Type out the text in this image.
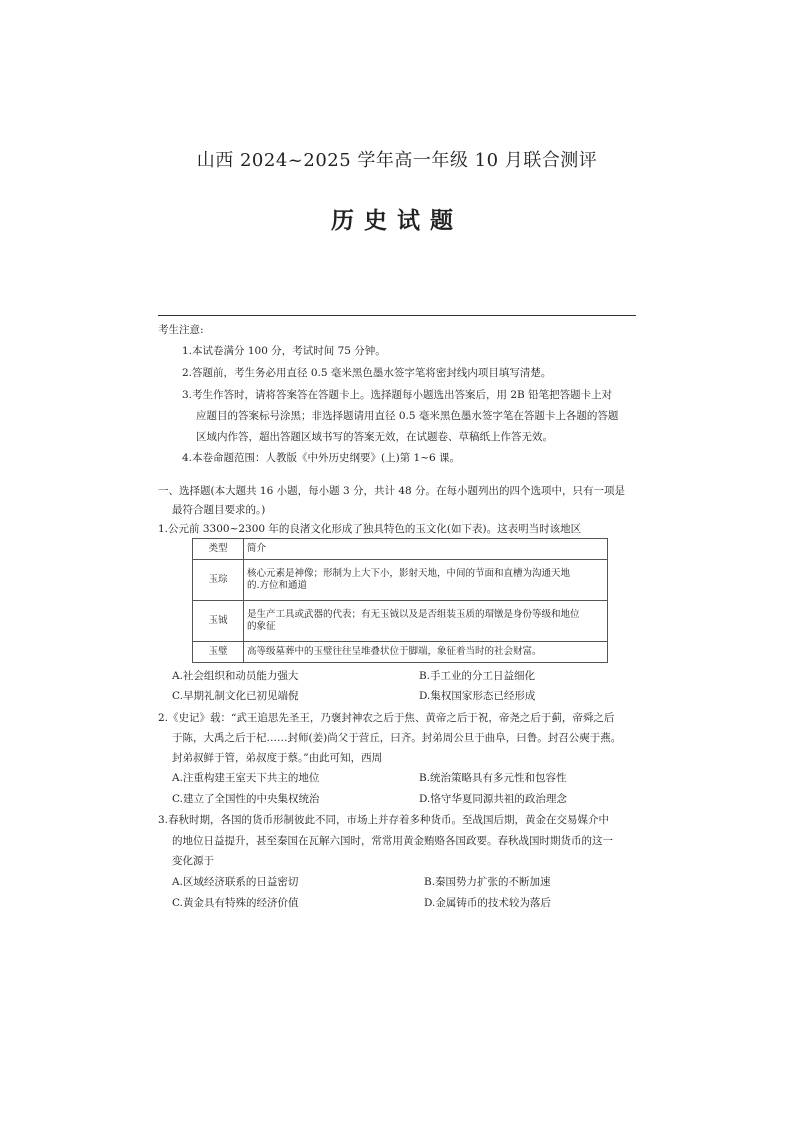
山西 2024~2025 学年高一年级 10 月联合测评
历史试题
考生注意:
1.本试卷满分 100 分，考试时间 75 分钟。
2.答题前，考生务必用直径 0.5 毫米黑色墨水签字笔将密封线内项目填写清楚。
3.考生作答时，请将答案答在答题卡上。选择题每小题选出答案后，用 2B 铅笔把答题卡上对
应题目的答案标号涂黑；非选择题请用直径 0.5 毫米黑色墨水签字笔在答题卡上各题的答题
区域内作答，超出答题区域书写的答案无效，在试题卷、草稿纸上作答无效。
4.本卷命题范围：人教版《中外历史纲要》(上)第 1~6 课。
一、选择题(本大题共 16 小题，每小题 3 分，共计 48 分。在每小题列出的四个选项中，只有一项是
最符合题目要求的。)
1.公元前 3300~2300 年的良渚文化形成了独具特色的玉文化(如下表)。这表明当时该地区
类型	简介
玉琮	核心元素是神像；形制为上大下小，影射天地，中间的节面和直槽为沟通天地
的.方位和通道

玉钺	是生产工具或武器的代表；有无玉钺以及是否组装玉质的瑁镦是身份等级和地位
的象征

玉璧	高等级墓葬中的玉璧往往呈堆叠状位于脚端，象征着当时的社会财富。
A.社会组织和动员能力强大	B.手工业的分工日益细化
C.早期礼制文化已初见端倪	D.集权国家形态已经形成
2.《史记》载：“武王追思先圣王，乃褒封神农之后于焦、黄帝之后于祝，帝尧之后于蓟，帝舜之后
于陈，大禹之后于杞……封师(姜)尚父于营丘，曰齐。封弟周公旦于曲阜，曰鲁。封召公奭于燕。
封弟叔鲜于管，弟叔度于蔡。”由此可知，西周
A.注重构建王室天下共主的地位	B.统治策略具有多元性和包容性
C.建立了全国性的中央集权统治	D.恪守华夏同源共祖的政治理念
3.春秋时期，各国的货币形制彼此不同，市场上并存着多种货币。至战国后期，黄金在交易媒介中
的地位日益提升，甚至秦国在瓦解六国时，常常用黄金贿赂各国政要。春秋战国时期货币的这一
变化源于
A.区域经济联系的日益密切	B.秦国势力扩张的不断加速
C.黄金具有特殊的经济价值	D.金属铸币的技术较为落后
